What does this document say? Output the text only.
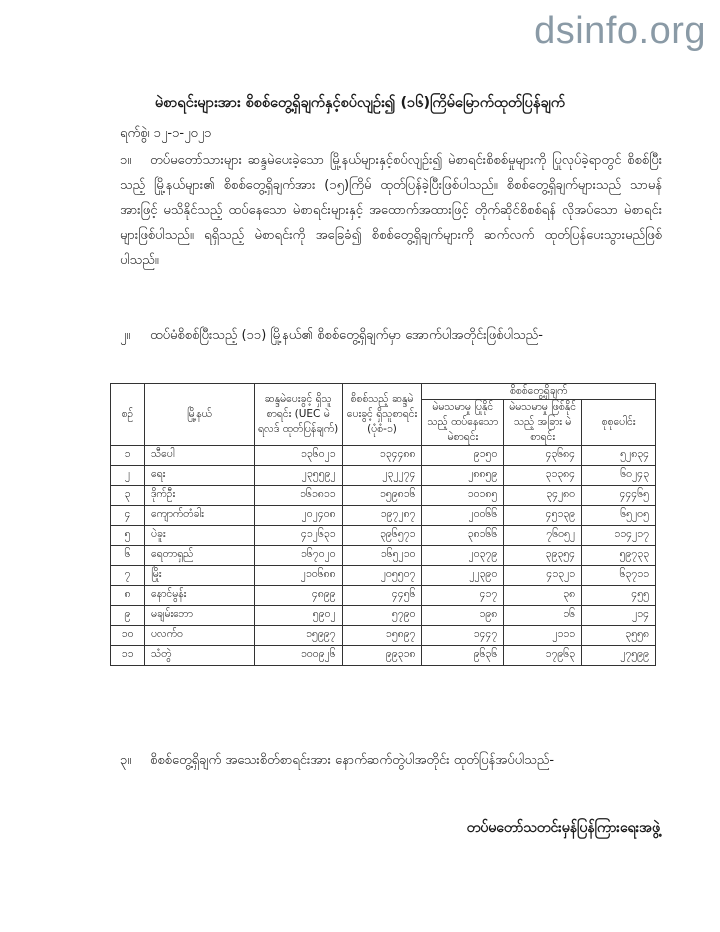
dsinfo.org
မဲစာရင်းများအား စိစစ်တွေ့ရှိချက်နှင့်စပ်လျဉ်း၍ (၁၆)ကြိမ်မြောက်ထုတ်ပြန်ချက်
ရက်စွဲ၊ ၁၂-၁-၂၀၂၁
၁။ တပ်မတော်သားများ ဆန္ဒမဲပေးခဲ့သော မြို့နယ်များနှင့်စပ်လျဉ်း၍ မဲစာရင်းစိစစ်မှုများကို ပြုလုပ်ခဲ့ရာတွင် စိစစ်ပြီးသည့် မြို့နယ်များ၏ စိစစ်တွေ့ရှိချက်အား (၁၅)ကြိမ် ထုတ်ပြန်ခဲ့ပြီးဖြစ်ပါသည်။ စိစစ်တွေ့ရှိချက်များသည် သာမန်အားဖြင့် မသိနိုင်သည့် ထပ်နေသော မဲစာရင်းများနှင့် အထောက်အထားဖြင့် တိုက်ဆိုင်စိစစ်ရန် လိုအပ်သော မဲစာရင်းများဖြစ်ပါသည်။ ရရှိသည့် မဲစာရင်းကို အခြေခံ၍ စိစစ်တွေ့ရှိချက်များကို ဆက်လက် ထုတ်ပြန်ပေးသွားမည်ဖြစ်ပါသည်။
၂။ ထပ်မံစိစစ်ပြီးသည့် (၁၁) မြို့နယ်၏ စိစစ်တွေ့ရှိချက်မှာ အောက်ပါအတိုင်းဖြစ်ပါသည်-
စဉ်	မြို့နယ်	ဆန္ဒမဲပေးခွင့် ရှိသူစာရင်း (UEC မဲရလဒ် ထုတ်ပြန်ချက်)	စိစစ်သည့် ဆန္ဒမဲပေးခွင့် ရှိသူစာရင်း (ပုံစံ-၁)	စိစစ်တွေ့ရှိချက်		
				မဲမသမာမှု ပြုနိုင်သည့် ထပ်နေသော မဲစာရင်း	မဲမသမာမှု ဖြစ်နိုင်သည့် အခြား မဲစာရင်း	စုစုပေါင်း
၁	သီပေါ	၁၃၆၀၂၁	၁၃၄၄၈၈	၉၁၅၀	၄၃၆၈၄	၅၂၈၃၄
၂	ရေး	၂၃၅၅၉၂	၂၃၂၂၇၄	၂၈၈၅၉	၃၁၃၈၄	၆၀၂၄၃
၃	ဒိုက်ဦး	၁၆၁၈၁၁	၁၅၉၈၁၆	၁၀၁၈၅	၃၄၂၈၀	၄၄၄၆၅
၄	ကျောက်တံခါး	၂၀၂၄၀၈	၁၉၇၂၈၇	၂၀၀၆၆	၄၅၁၃၉	၆၅၂၀၅
၅	ပဲခူး	၄၁၂၆၃၁	၃၉၆၅၇၁	၃၈၁၆၆	၇၆၀၅၂	၁၁၄၂၁၇
၆	ရေတာရှည်	၁၆၇၀၂၀	၁၆၅၂၁၀	၂၀၃၇၉	၃၉၃၅၄	၅၉၇၃၃
၇	မြိုး	၂၁၀၆၈၈	၂၀၅၅၀၇	၂၂၃၉၀	၄၁၃၂၁	၆၃၇၁၁
၈	နောင်မွန်း	၄၈၉၉	၄၄၅၆	၄၁၇	၃၈	၄၅၅
၉	မချမ်းဘော	၅၉၀၂	၅၇၉၀	၁၉၈	၁၆	၂၁၄
၁၀	ပလက်ဝ	၁၅၉၉၇	၁၅၈၉၇	၁၄၄၇	၂၁၁၁	၃၅၅၈
၁၁	သံတွဲ	၁၀၀၉၂၆	၉၉၃၁၈	၉၆၃၆	၁၇၉၆၃	၂၇၅၉၉
၃။ စိစစ်တွေ့ရှိချက် အသေးစိတ်စာရင်းအား နောက်ဆက်တွဲပါအတိုင်း ထုတ်ပြန်အပ်ပါသည်-
တပ်မတော်သတင်းမှန်ပြန်ကြားရေးအဖွဲ့
